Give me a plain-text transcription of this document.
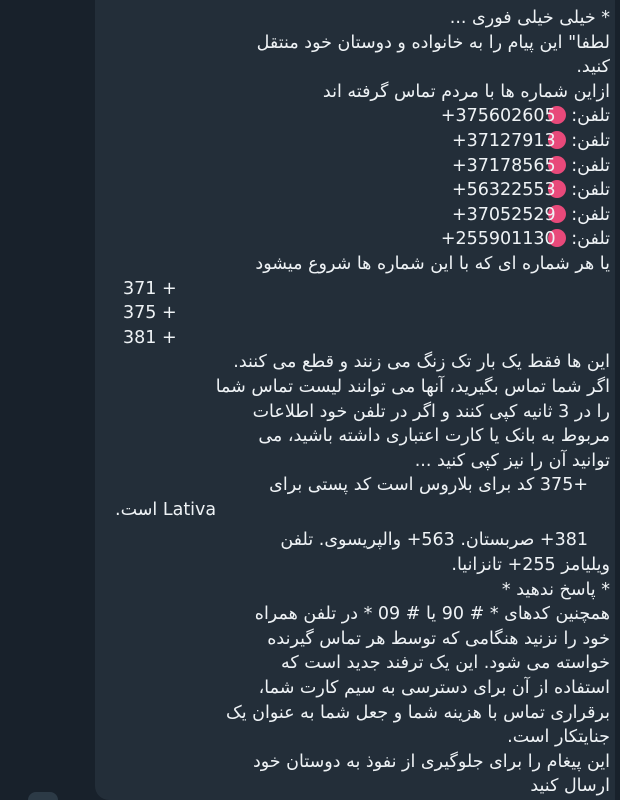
* خیلی خیلی فوری ...
لطفا" این پیام را به خانواده و دوستان خود منتقل
کنید.
ازاین شماره ها با مردم تماس گرفته اند
تلفن: +375602605
تلفن: +37127913
تلفن: +37178565
تلفن: +56322553
تلفن: +37052529
تلفن: +255901130
یا هر شماره ای که با این شماره ها شروع میشود
371 +
375 +
381 +
این ها فقط یک بار تک زنگ می زنند و قطع می کنند.
اگر شما تماس بگیرید، آنها می توانند لیست تماس شما
را در 3 ثانیه کپی کنند و اگر در تلفن خود اطلاعات
مربوط به بانک یا کارت اعتباری داشته باشید، می
توانید آن را نیز کپی کنید ...
+375 کد برای بلاروس است کد پستی برای
Lativa است.
381+ صربستان. 563+ والپریسوی. تلفن
ویلیامز 255+ تانزانیا.
* پاسخ ندهید *
همچنین کدهای * # 90 یا # 09 * در تلفن همراه
خود را نزنید هنگامی که توسط هر تماس گیرنده
خواسته می شود. این یک ترفند جدید است که
استفاده از آن برای دسترسی به سیم کارت شما،
برقراری تماس با هزینه شما و جعل شما به عنوان یک
جنایتکار است.
این پیغام را برای جلوگیری از نفوذ به دوستان خود
ارسال کنید
